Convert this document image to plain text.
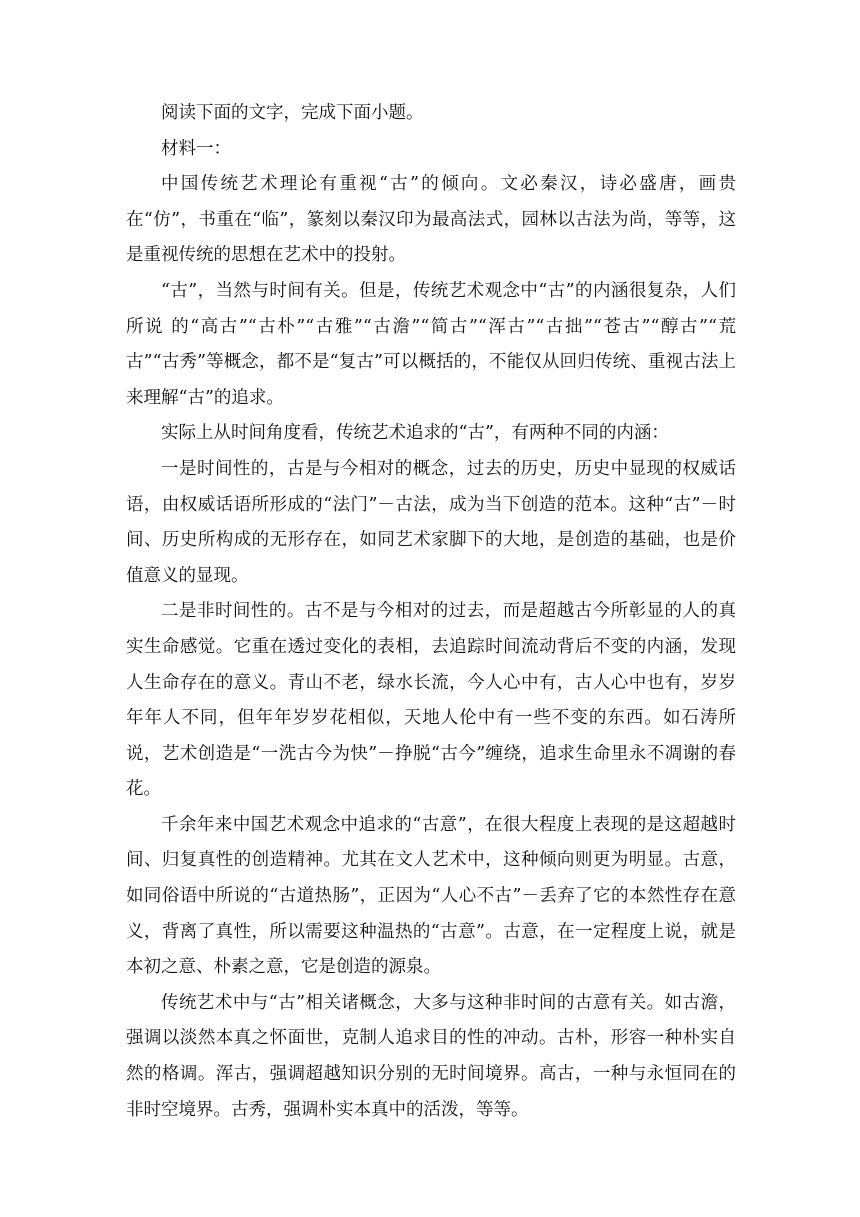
阅读下面的文字，完成下面小题。

材料一：

中国传统艺术理论有重视“古”的倾向。文必秦汉，诗必盛唐，画贵在“仿”，书重在“临”，篆刻以秦汉印为最高法式，园林以古法为尚，等等，这是重视传统的思想在艺术中的投射。

“古”，当然与时间有关。但是，传统艺术观念中“古”的内涵很复杂，人们所说 的“高古”“古朴”“古雅”“古澹”“简古”“浑古”“古拙”“苍古”“醇古”“荒古”“古秀”等概念，都不是“复古”可以概括的，不能仅从回归传统、重视古法上来理解“古”的追求。

实际上从时间角度看，传统艺术追求的“古”，有两种不同的内涵：

一是时间性的，古是与今相对的概念，过去的历史，历史中显现的权威话语，由权威话语所形成的“法门”－古法，成为当下创造的范本。这种“古”－时间、历史所构成的无形存在，如同艺术家脚下的大地，是创造的基础，也是价值意义的显现。

二是非时间性的。古不是与今相对的过去，而是超越古今所彰显的人的真实生命感觉。它重在透过变化的表相，去追踪时间流动背后不变的内涵，发现人生命存在的意义。青山不老，绿水长流，今人心中有，古人心中也有，岁岁年年人不同，但年年岁岁花相似，天地人伦中有一些不变的东西。如石涛所说，艺术创造是“一洗古今为快”－挣脱“古今”缠绕，追求生命里永不凋谢的春花。

千余年来中国艺术观念中追求的“古意”，在很大程度上表现的是这超越时间、归复真性的创造精神。尤其在文人艺术中，这种倾向则更为明显。古意，如同俗语中所说的“古道热肠”，正因为“人心不古”－丢弃了它的本然性存在意义，背离了真性，所以需要这种温热的“古意”。古意，在一定程度上说，就是本初之意、朴素之意，它是创造的源泉。

传统艺术中与“古”相关诸概念，大多与这种非时间的古意有关。如古澹，强调以淡然本真之怀面世，克制人追求目的性的冲动。古朴，形容一种朴实自然的格调。浑古，强调超越知识分别的无时间境界。高古，一种与永恒同在的非时空境界。古秀，强调朴实本真中的活泼，等等。
